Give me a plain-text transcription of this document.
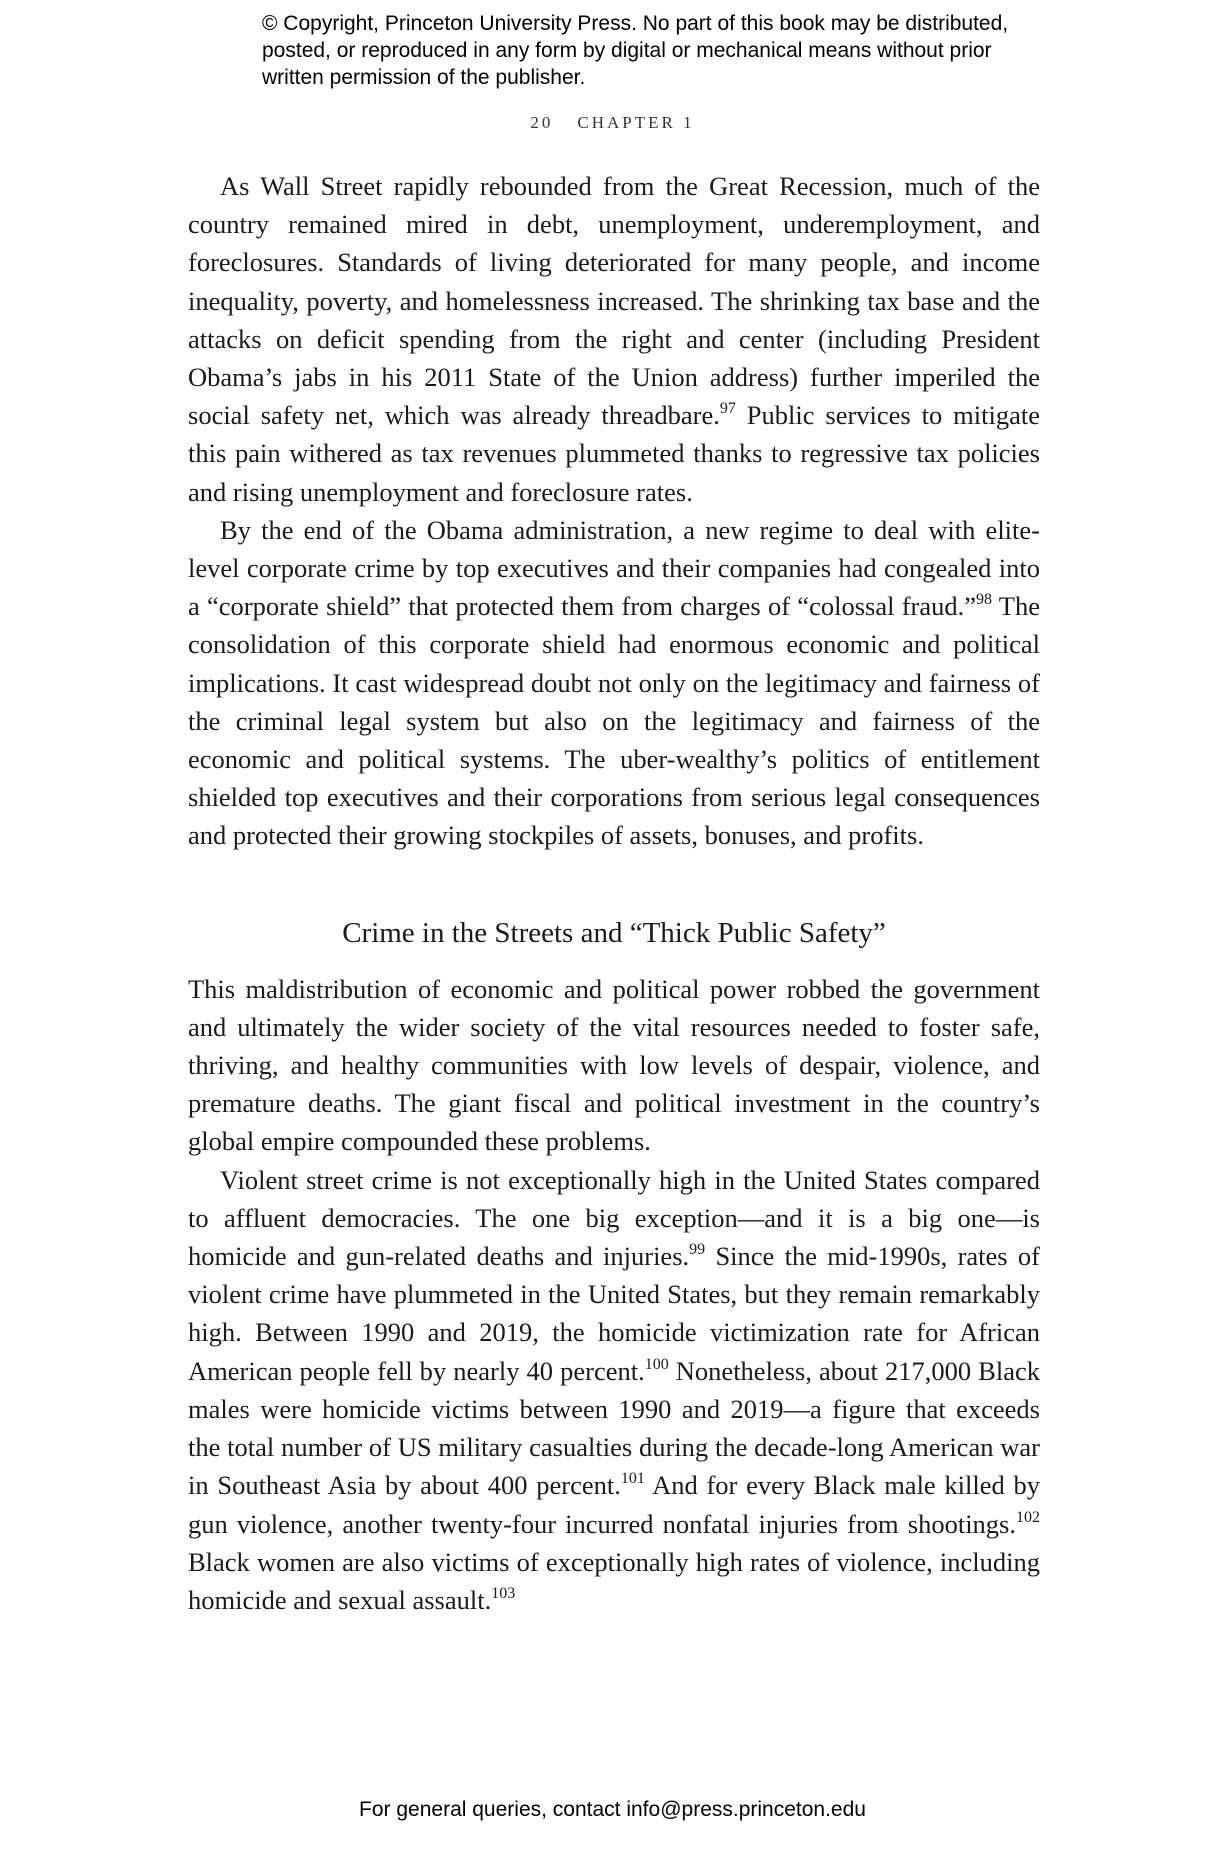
© Copyright, Princeton University Press. No part of this book may be distributed, posted, or reproduced in any form by digital or mechanical means without prior written permission of the publisher.
20 CHAPTER 1

As Wall Street rapidly rebounded from the Great Recession, much of the country remained mired in debt, unemployment, underemployment, and foreclosures. Standards of living deteriorated for many people, and income inequality, poverty, and homelessness increased. The shrinking tax base and the attacks on deficit spending from the right and center (including President Obama’s jabs in his 2011 State of the Union address) further imperiled the social safety net, which was already threadbare.$^{97}$ Public services to mitigate this pain withered as tax revenues plummeted thanks to regressive tax policies and rising unemployment and foreclosure rates.

By the end of the Obama administration, a new regime to deal with elite-level corporate crime by top executives and their companies had congealed into a “corporate shield” that protected them from charges of “colossal fraud.”$^{98}$ The consolidation of this corporate shield had enormous economic and political implications. It cast widespread doubt not only on the legitimacy and fairness of the criminal legal system but also on the legitimacy and fairness of the economic and political systems. The uber-wealthy’s politics of entitlement shielded top executives and their corporations from serious legal consequences and protected their growing stockpiles of assets, bonuses, and profits.

Crime in the Streets and “Thick Public Safety”

This maldistribution of economic and political power robbed the government and ultimately the wider society of the vital resources needed to foster safe, thriving, and healthy communities with low levels of despair, violence, and premature deaths. The giant fiscal and political investment in the country’s global empire compounded these problems.

Violent street crime is not exceptionally high in the United States compared to affluent democracies. The one big exception—and it is a big one—is homicide and gun-related deaths and injuries.$^{99}$ Since the mid-1990s, rates of violent crime have plummeted in the United States, but they remain remarkably high. Between 1990 and 2019, the homicide victimization rate for African American people fell by nearly 40 percent.$^{100}$ Nonetheless, about 217,000 Black males were homicide victims between 1990 and 2019—a figure that exceeds the total number of US military casualties during the decade-long American war in Southeast Asia by about 400 percent.$^{101}$ And for every Black male killed by gun violence, another twenty-four incurred nonfatal injuries from shootings.$^{102}$ Black women are also victims of exceptionally high rates of violence, including homicide and sexual assault.$^{103}$

For general queries, contact info@press.princeton.edu
